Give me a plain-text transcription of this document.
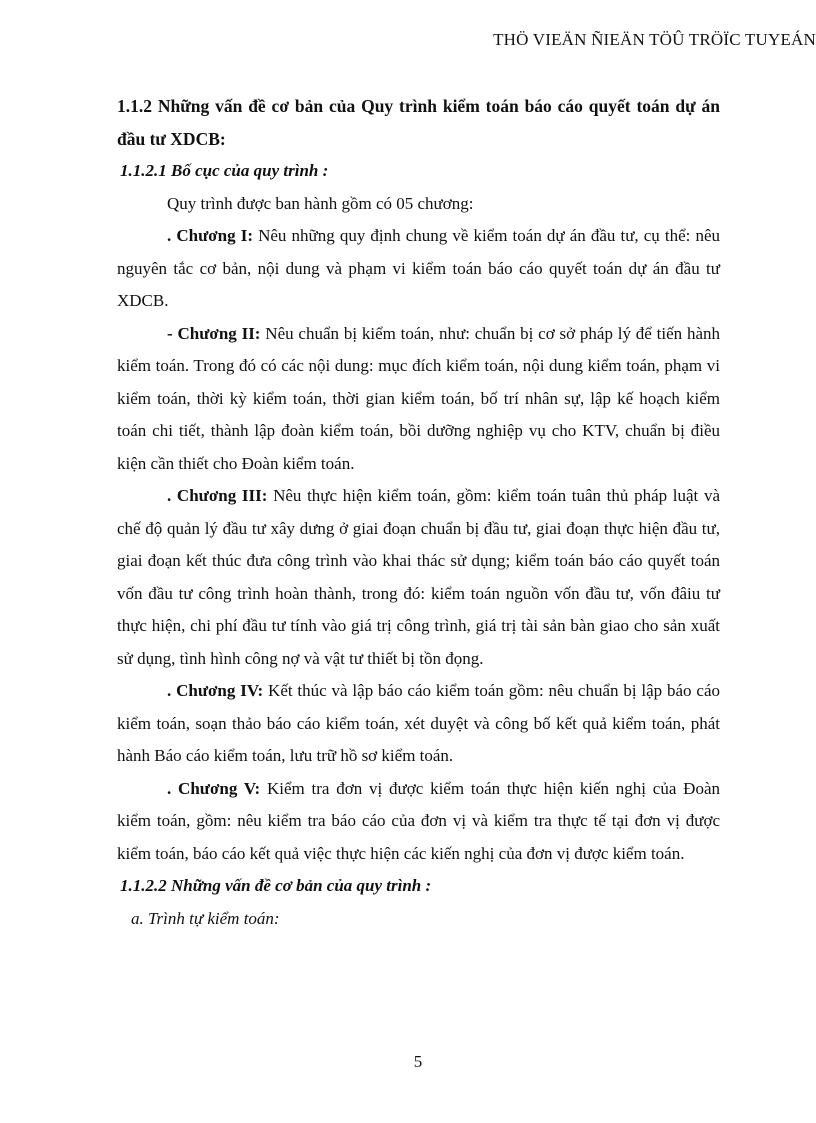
THÖ VIEÄN ÑIEÄN TÖÛ TRÖÏC TUYEÁN
1.1.2 Những vấn đề cơ bản của Quy trình kiểm toán báo cáo quyết toán dự án đầu tư XDCB:
1.1.2.1 Bố cục của quy trình :
Quy trình được ban hành gồm có 05 chương:
. Chương I: Nêu những quy định chung về kiểm toán dự án đầu tư, cụ thể: nêu nguyên tắc cơ bản, nội dung và phạm vi kiểm toán báo cáo quyết toán dự án đầu tư XDCB.
- Chương II: Nêu chuẩn bị kiểm toán, như: chuẩn bị cơ sở pháp lý để tiến hành kiểm toán. Trong đó có các nội dung: mục đích kiểm toán, nội dung kiểm toán, phạm vi kiểm toán, thời kỳ kiểm toán, thời gian kiểm toán, bố trí nhân sự, lập kế hoạch kiểm toán chi tiết, thành lập đoàn kiểm toán, bồi dưỡng nghiệp vụ cho KTV, chuẩn bị điều kiện cần thiết cho Đoàn kiểm toán.
. Chương III: Nêu thực hiện kiểm toán, gồm: kiểm toán tuân thủ pháp luật và chế độ quản lý đầu tư xây dưng ở giai đoạn chuẩn bị đầu tư, giai đoạn thực hiện đầu tư, giai đoạn kết thúc đưa công trình vào khai thác sử dụng; kiểm toán báo cáo quyết toán vốn đầu tư công trình hoàn thành, trong đó: kiểm toán nguồn vốn đầu tư, vốn đâiu tư thực hiện, chi phí đầu tư tính vào giá trị công trình, giá trị tài sản bàn giao cho sản xuất sử dụng, tình hình công nợ và vật tư thiết bị tồn đọng.
. Chương IV: Kết thúc và lập báo cáo kiểm toán gồm: nêu chuẩn bị lập báo cáo kiểm toán, soạn thảo báo cáo kiểm toán, xét duyệt và công bố kết quả kiểm toán, phát hành Báo cáo kiểm toán, lưu trữ hồ sơ kiểm toán.
. Chương V: Kiểm tra đơn vị được kiểm toán thực hiện kiến nghị của Đoàn kiểm toán, gồm: nêu kiểm tra báo cáo của đơn vị và kiểm tra thực tế tại đơn vị được kiểm toán, báo cáo kết quả việc thực hiện các kiến nghị của đơn vị được kiểm toán.
1.1.2.2 Những vấn đề cơ bản của quy trình :
a. Trình tự kiểm toán:
5
